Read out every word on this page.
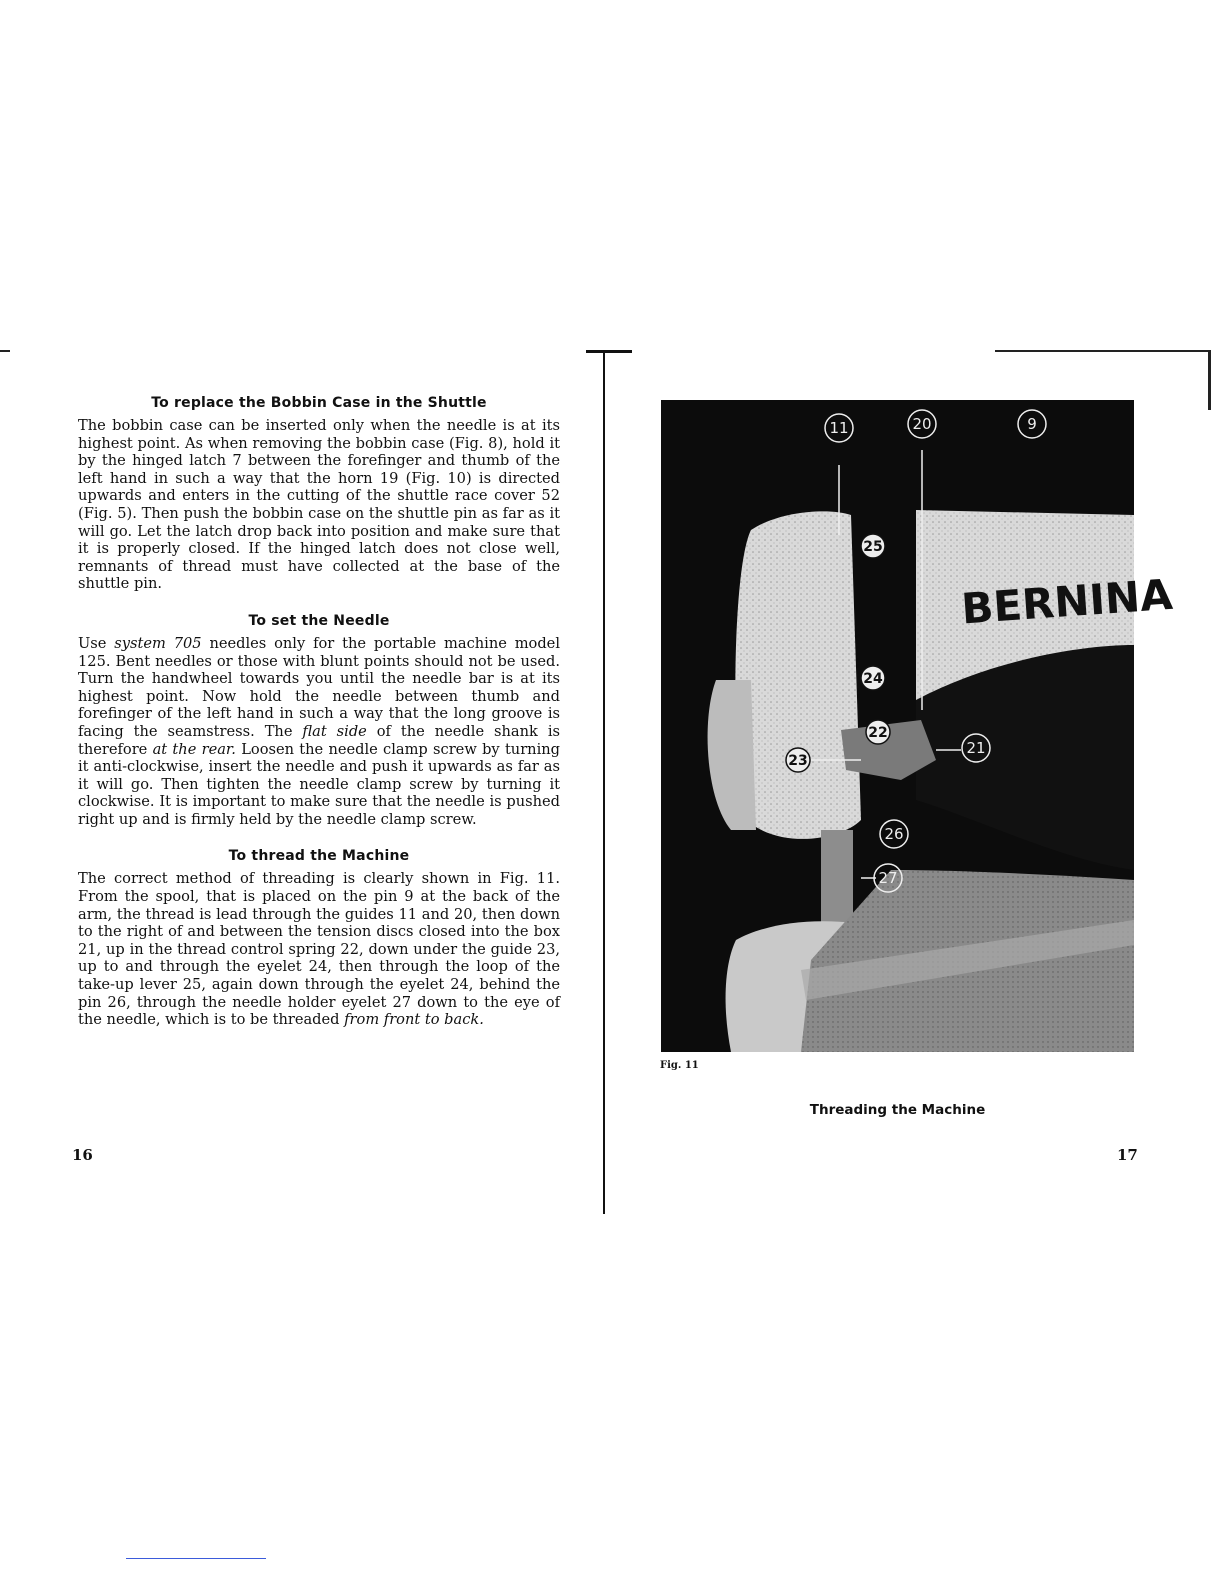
To replace the Bobbin Case in the Shuttle

The bobbin case can be inserted only when the needle is at its highest point. As when removing the bobbin case (Fig. 8), hold it by the hinged latch 7 between the forefinger and thumb of the left hand in such a way that the horn 19 (Fig. 10) is directed upwards and enters in the cutting of the shuttle race cover 52 (Fig. 5). Then push the bobbin case on the shuttle pin as far as it will go. Let the latch drop back into position and make sure that it is properly closed. If the hinged latch does not close well, remnants of thread must have collected at the base of the shuttle pin.

To set the Needle

Use system 705 needles only for the portable machine model 125. Bent needles or those with blunt points should not be used. Turn the handwheel towards you until the needle bar is at its highest point. Now hold the needle between thumb and forefinger of the left hand in such a way that the long groove is facing the seamstress. The flat side of the needle shank is therefore at the rear. Loosen the needle clamp screw by turning it anti-clockwise, insert the needle and push it upwards as far as it will go. Then tighten the needle clamp screw by turning it clockwise. It is important to make sure that the needle is pushed right up and is firmly held by the needle clamp screw.

To thread the Machine

The correct method of threading is clearly shown in Fig. 11. From the spool, that is placed on the pin 9 at the back of the arm, the thread is lead through the guides 11 and 20, then down to the right of and between the tension discs closed into the box 21, up in the thread control spring 22, down under the guide 23, up to and through the eyelet 24, then through the loop of the take-up lever 25, again down through the eyelet 24, behind the pin 26, through the needle holder eyelet 27 down to the eye of the needle, which is to be threaded from front to back.

16
BERNINA
11	20	9
25
24
22
21
23
26
27
Fig. 11
Threading the Machine
17
